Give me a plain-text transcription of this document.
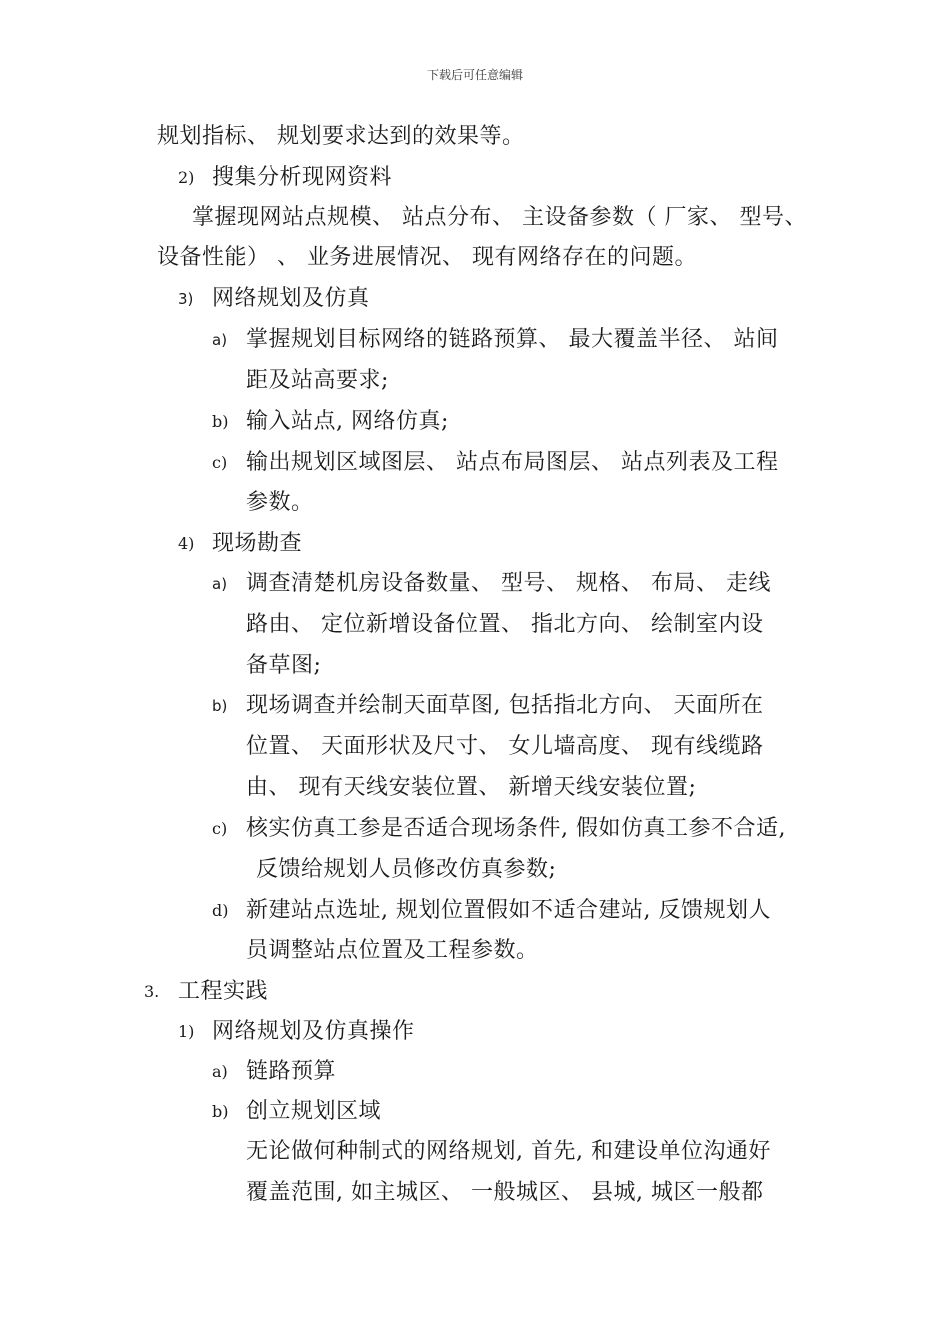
下载后可任意编辑
规划指标、 规划要求达到的效果等。
2) 搜集分析现网资料
掌握现网站点规模、 站点分布、 主设备参数（ 厂家、 型号、
设备性能） 、 业务进展情况、 现有网络存在的问题。
3) 网络规划及仿真
a) 掌握规划目标网络的链路预算、 最大覆盖半径、 站间
距及站高要求;
b) 输入站点, 网络仿真;
c) 输出规划区域图层、 站点布局图层、 站点列表及工程
参数。
4) 现场勘查
a) 调查清楚机房设备数量、 型号、 规格、 布局、 走线
路由、 定位新增设备位置、 指北方向、 绘制室内设
备草图;
b) 现场调查并绘制天面草图, 包括指北方向、 天面所在
位置、 天面形状及尺寸、 女儿墙高度、 现有线缆路
由、 现有天线安装位置、 新增天线安装位置;
c) 核实仿真工参是否适合现场条件, 假如仿真工参不合适,
反馈给规划人员修改仿真参数;
d) 新建站点选址, 规划位置假如不适合建站, 反馈规划人
员调整站点位置及工程参数。
3. 工程实践
1) 网络规划及仿真操作
a) 链路预算
b) 创立规划区域
无论做何种制式的网络规划, 首先, 和建设单位沟通好
覆盖范围, 如主城区、 一般城区、 县城, 城区一般都
